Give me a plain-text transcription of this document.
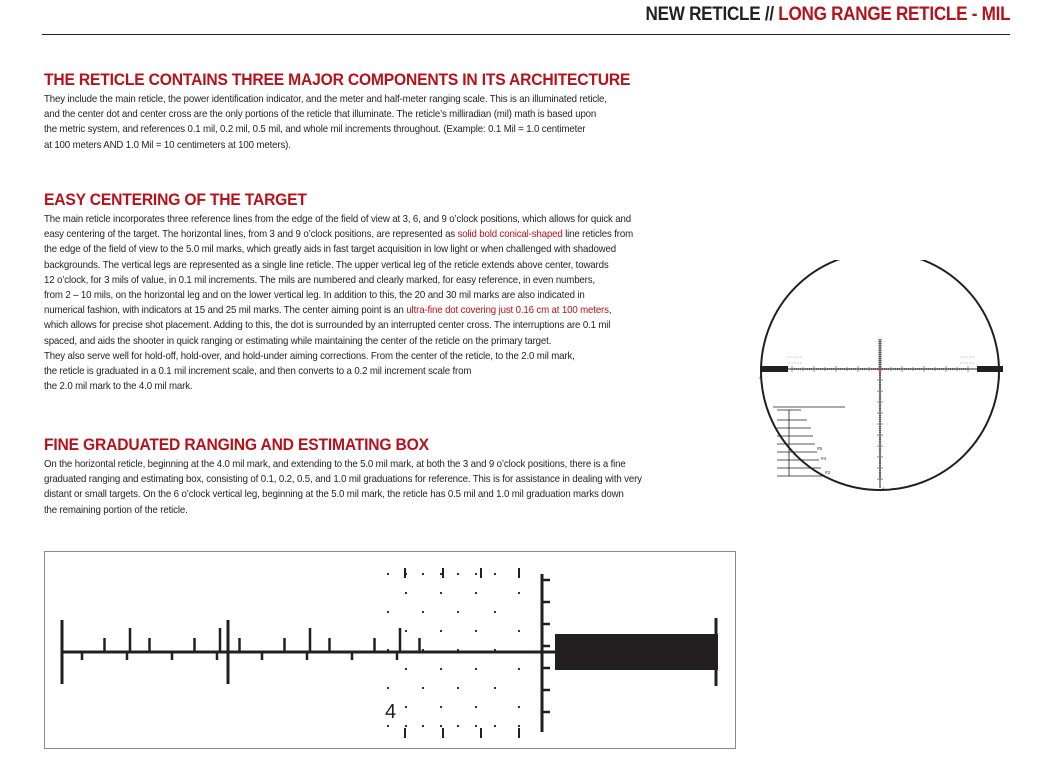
NEW RETICLE // LONG RANGE RETICLE - MIL
THE RETICLE CONTAINS THREE MAJOR COMPONENTS IN ITS ARCHITECTURE
They include the main reticle, the power identification indicator, and the meter and half-meter ranging scale. This is an illuminated reticle,
and the center dot and center cross are the only portions of the reticle that illuminate. The reticle’s milliradian (mil) math is based upon
the metric system, and references 0.1 mil, 0.2 mil, 0.5 mil, and whole mil increments throughout. (Example: 0.1 Mil = 1.0 centimeter
at 100 meters AND 1.0 Mil = 10 centimeters at 100 meters).
EASY CENTERING OF THE TARGET
The main reticle incorporates three reference lines from the edge of the field of view at 3, 6, and 9 o’clock positions, which allows for quick and
easy centering of the target. The horizontal lines, from 3 and 9 o’clock positions, are represented as solid bold conical-shaped line reticles from
the edge of the field of view to the 5.0 mil marks, which greatly aids in fast target acquisition in low light or when challenged with shadowed
backgrounds. The vertical legs are represented as a single line reticle. The upper vertical leg of the reticle extends above center, towards
12 o’clock, for 3 mils of value, in 0.1 mil increments. The mils are numbered and clearly marked, for easy reference, in even numbers,
from 2 – 10 mils, on the horizontal leg and on the lower vertical leg. In addition to this, the 20 and 30 mil marks are also indicated in
numerical fashion, with indicators at 15 and 25 mil marks. The center aiming point is an ultra-fine dot covering just 0.16 cm at 100 meters,
which allows for precise shot placement. Adding to this, the dot is surrounded by an interrupted center cross. The interruptions are 0.1 mil
spaced, and aids the shooter in quick ranging or estimating while maintaining the center of the reticle on the primary target.
They also serve well for hold-off, hold-over, and hold-under aiming corrections. From the center of the reticle, to the 2.0 mil mark,
the reticle is graduated in a 0.1 mil increment scale, and then converts to a 0.2 mil increment scale from
the 2.0 mil mark to the 4.0 mil mark.
FINE GRADUATED RANGING AND ESTIMATING BOX
On the horizontal reticle, beginning at the 4.0 mil mark, and extending to the 5.0 mil mark, at both the 3 and 9 o’clock positions, there is a fine
graduated ranging and estimating box, consisting of 0.1, 0.2, 0.5, and 1.0 mil graduations for reference. This is for assistance in dealing with very
distant or small targets. On the 6 o’clock vertical leg, beginning at the 5.0 mil mark, the reticle has 0.5 mil and 1.0 mil graduation marks down
the remaining portion of the reticle.
4	4
4
#5
#4
#3
4
